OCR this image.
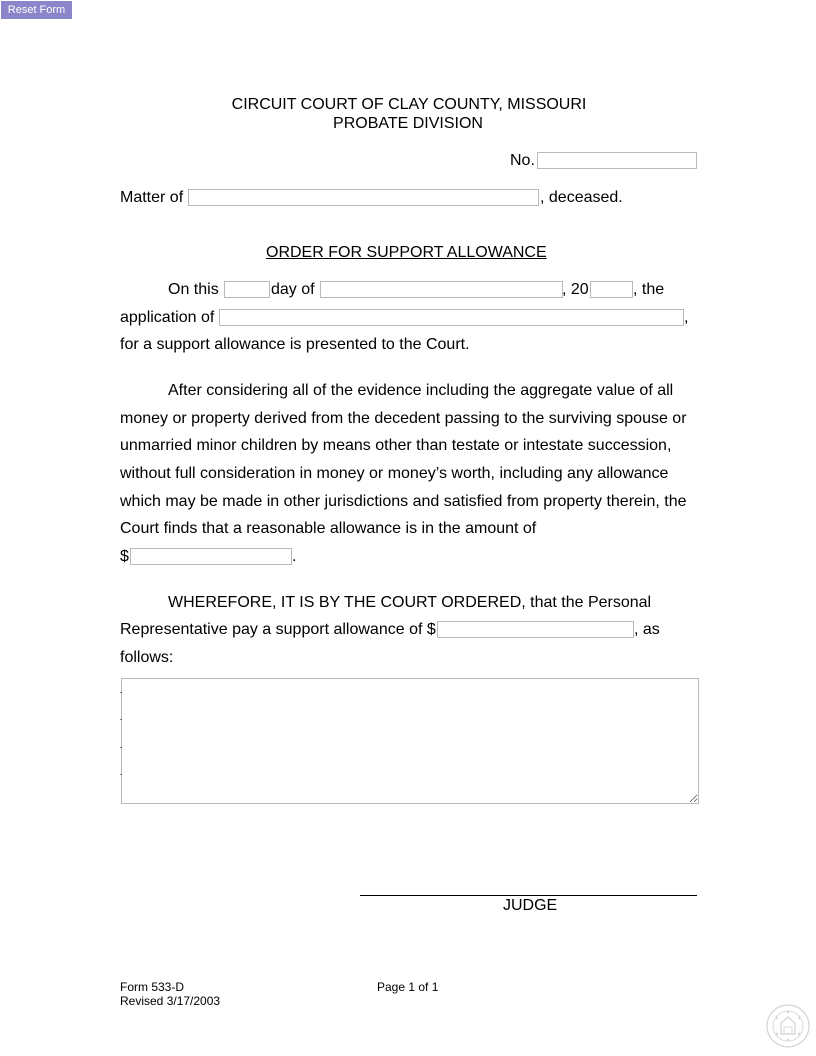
Reset Form
CIRCUIT COURT OF CLAY COUNTY, MISSOURI
PROBATE DIVISION
No.
Matter of	, deceased.
ORDER FOR SUPPORT ALLOWANCE
On this	day of	, 20	, the
application of	,
for a support allowance is presented to the Court.
After considering all of the evidence including the aggregate value of all
money or property derived from the decedent passing to the surviving spouse or
unmarried minor children by means other than testate or intestate succession,
without full consideration in money or money’s worth, including any allowance
which may be made in other jurisdictions and satisfied from property therein, the
Court finds that a reasonable allowance is in the amount of
$	.
WHEREFORE, IT IS BY THE COURT ORDERED, that the Personal
Representative pay a support allowance of $	, as
follows:
JUDGE
Form 533-D
Revised 3/17/2003
Page 1 of 1
